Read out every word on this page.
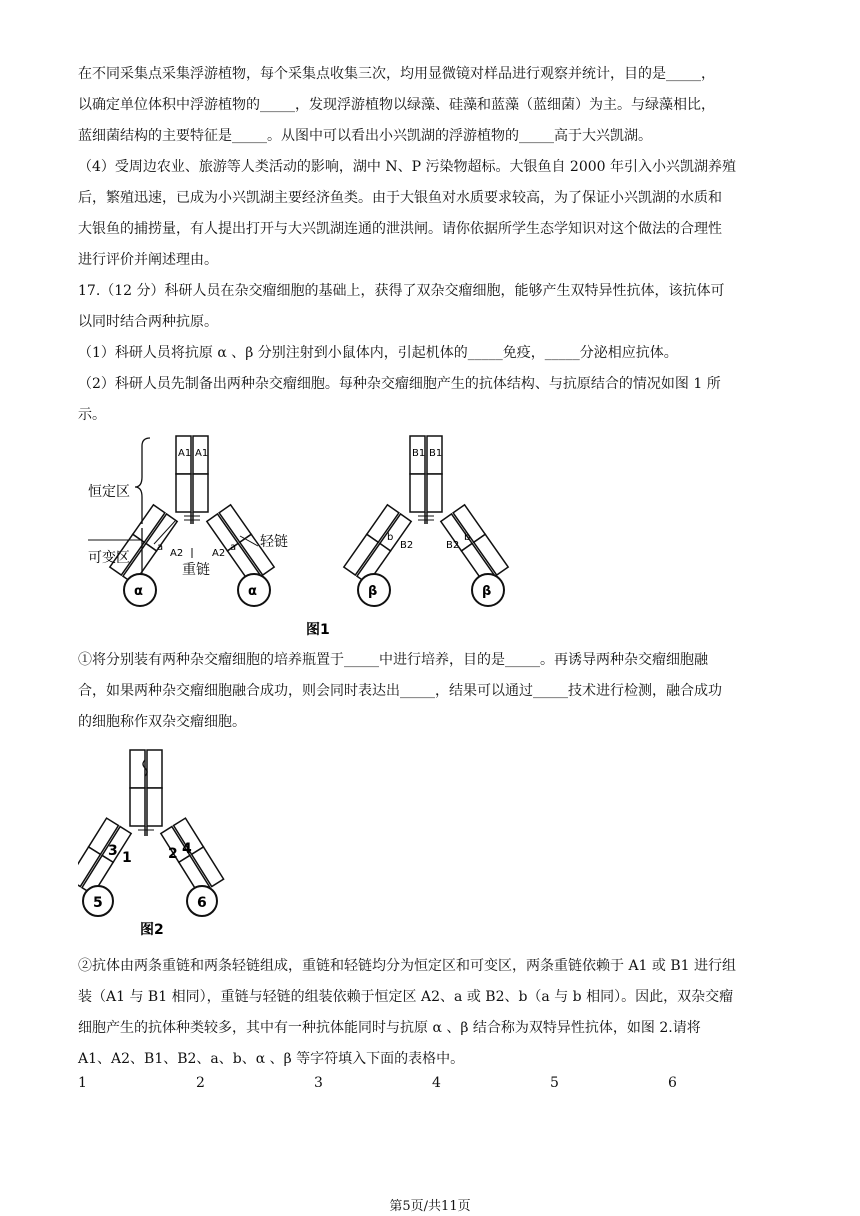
在不同采集点采集浮游植物，每个采集点收集三次，均用显微镜对样品进行观察并统计，目的是_____，
以确定单位体积中浮游植物的_____，发现浮游植物以绿藻、硅藻和蓝藻（蓝细菌）为主。与绿藻相比，
蓝细菌结构的主要特征是_____。从图中可以看出小兴凯湖的浮游植物的_____高于大兴凯湖。
（4）受周边农业、旅游等人类活动的影响，湖中 N、P 污染物超标。大银鱼自 2000 年引入小兴凯湖养殖
后，繁殖迅速，已成为小兴凯湖主要经济鱼类。由于大银鱼对水质要求较高，为了保证小兴凯湖的水质和
大银鱼的捕捞量，有人提出打开与大兴凯湖连通的泄洪闸。请你依据所学生态学知识对这个做法的合理性
进行评价并阐述理由。
17.（12 分）科研人员在杂交瘤细胞的基础上，获得了双杂交瘤细胞，能够产生双特异性抗体，该抗体可
以同时结合两种抗原。
（1）科研人员将抗原 α 、β 分别注射到小鼠体内，引起机体的_____免疫，_____分泌相应抗体。
（2）科研人员先制备出两种杂交瘤细胞。每种杂交瘤细胞产生的抗体结构、与抗原结合的情况如图 1 所
示。
A1 A1
a
A2	A2
a
α	α
恒定区
可变区
轻链
重链
B1 B1
b
B2	B2
b
β	β
图1
①将分别装有两种杂交瘤细胞的培养瓶置于_____中进行培养，目的是_____。再诱导两种杂交瘤细胞融
合，如果两种杂交瘤细胞融合成功，则会同时表达出_____，结果可以通过_____技术进行检测，融合成功
的细胞称作双杂交瘤细胞。
3 1	2 4
5	6
图2
②抗体由两条重链和两条轻链组成，重链和轻链均分为恒定区和可变区，两条重链依赖于 A1 或 B1 进行组
装（A1 与 B1 相同），重链与轻链的组装依赖于恒定区 A2、a 或 B2、b（a 与 b 相同）。因此，双杂交瘤
细胞产生的抗体种类较多，其中有一种抗体能同时与抗原 α 、β 结合称为双特异性抗体，如图 2.请将
A1、A2、B1、B2、a、b、α 、β 等字符填入下面的表格中。
1	2	3	4	5	6
第5页/共11页
